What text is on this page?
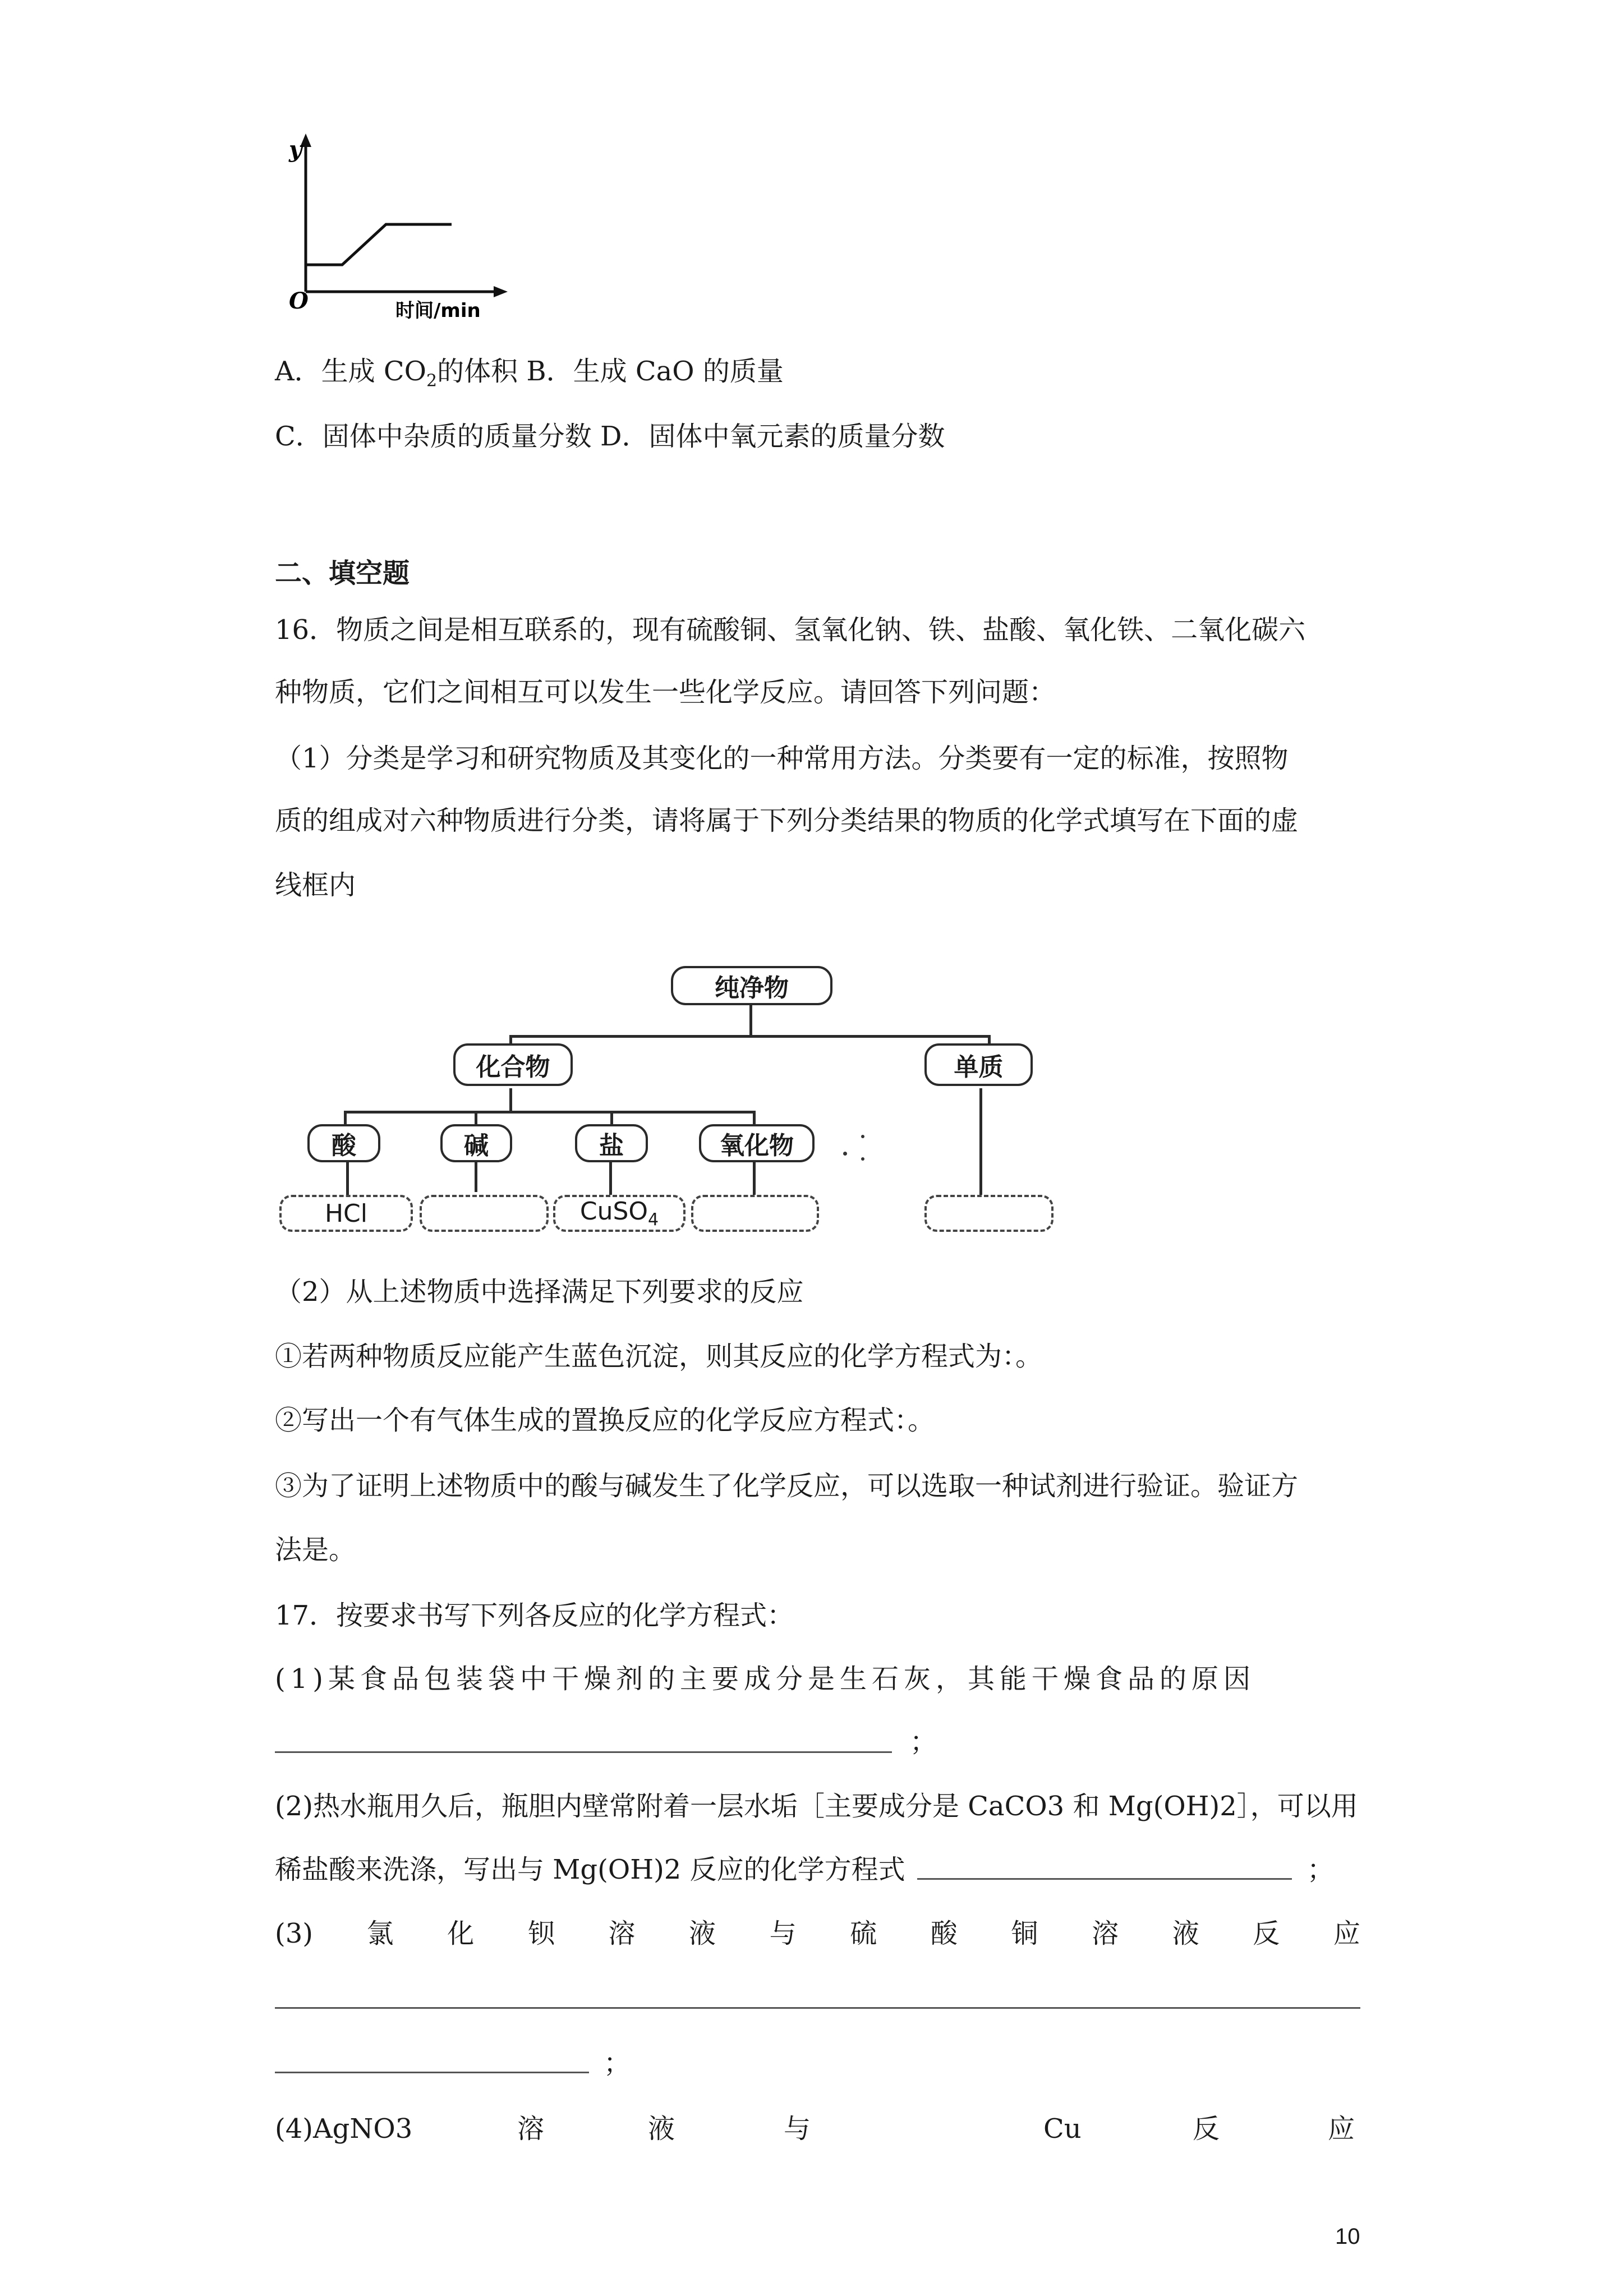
y
O	时间/min
A．生成 $CO_2$的体积 B．生成 CaO 的质量
C．固体中杂质的质量分数 D．固体中氧元素的质量分数
二、填空题
16．物质之间是相互联系的，现有硫酸铜、氢氧化钠、铁、盐酸、氧化铁、二氧化碳六
种物质，它们之间相互可以发生一些化学反应。请回答下列问题：
（1）分类是学习和研究物质及其变化的一种常用方法。分类要有一定的标准，按照物
质的组成对六种物质进行分类，请将属于下列分类结果的物质的化学式填写在下面的虚
线框内
纯净物
化合物	单质
酸	碱	盐	氧化物
HCl	CuSO$_4$
（2）从上述物质中选择满足下列要求的反应
①若两种物质反应能产生蓝色沉淀，则其反应的化学方程式为：。
②写出一个有气体生成的置换反应的化学反应方程式：。
③为了证明上述物质中的酸与碱发生了化学反应，可以选取一种试剂进行验证。验证方
法是。
17．按要求书写下列各反应的化学方程式：
(1)某食品包装袋中干燥剂的主要成分是生石灰，其能干燥食品的原因
；
(2)热水瓶用久后，瓶胆内壁常附着一层水垢［主要成分是 CaCO3 和 Mg(OH)2］，可以用
稀盐酸来洗涤，写出与 Mg(OH)2 反应的化学方程式	；
(3) 氯 化 钡 溶 液 与 硫 酸 铜 溶 液 反 应
；
(4)AgNO3	溶	液	与	Cu	反	应
10
